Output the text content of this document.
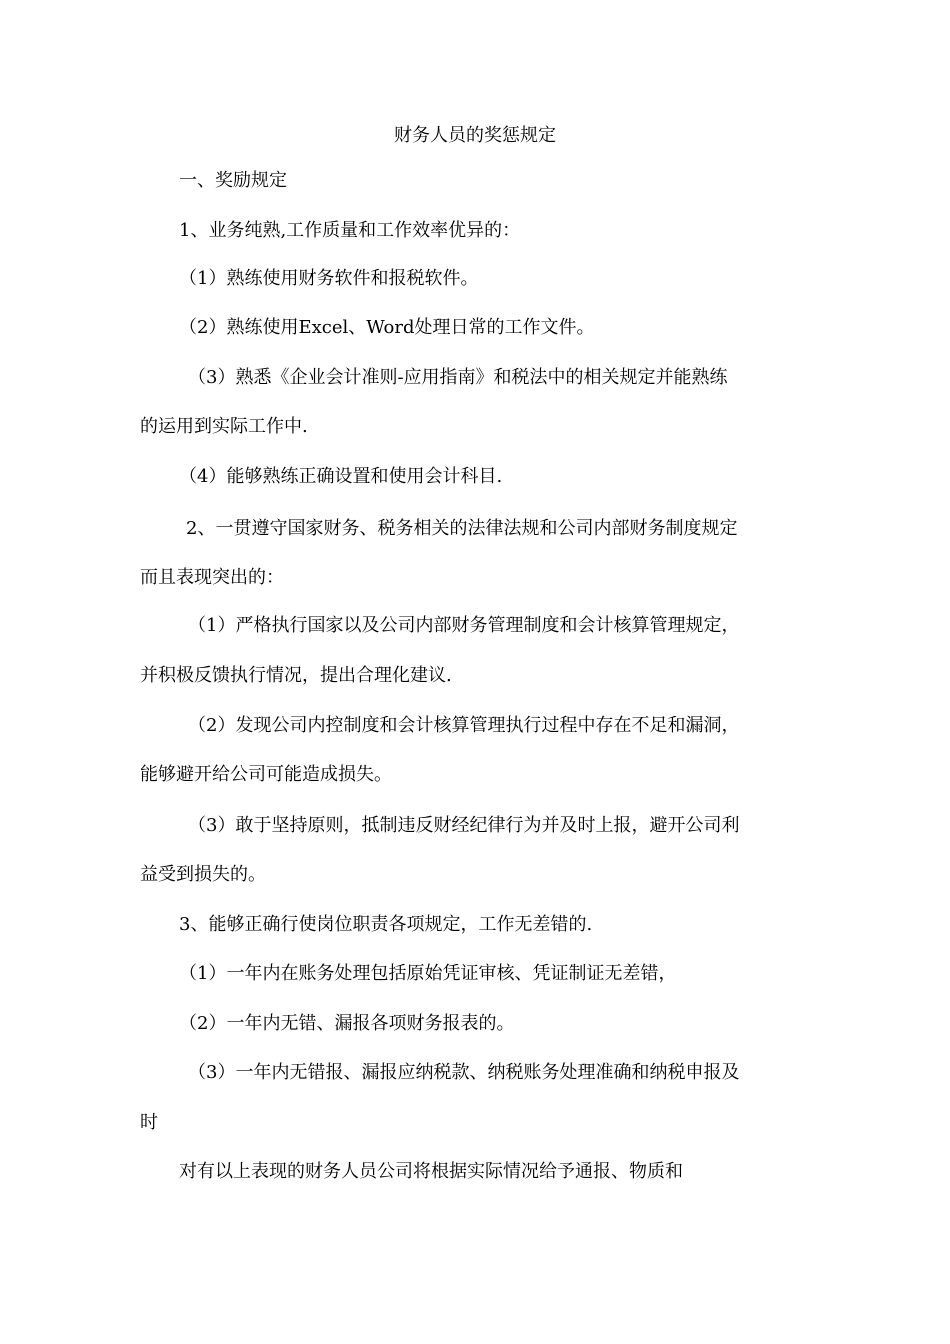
财务人员的奖惩规定
一、奖励规定
1、业务纯熟,工作质量和工作效率优异的：
（1）熟练使用财务软件和报税软件。
（2）熟练使用Excel、Word处理日常的工作文件。
（3）熟悉《企业会计准则-应用指南》和税法中的相关规定并能熟练
的运用到实际工作中.
（4）能够熟练正确设置和使用会计科目.
2、一贯遵守国家财务、税务相关的法律法规和公司内部财务制度规定
而且表现突出的：
（1）严格执行国家以及公司内部财务管理制度和会计核算管理规定，
并积极反馈执行情况，提出合理化建议.
（2）发现公司内控制度和会计核算管理执行过程中存在不足和漏洞，
能够避开给公司可能造成损失。
（3）敢于坚持原则，抵制违反财经纪律行为并及时上报，避开公司利
益受到损失的。
3、能够正确行使岗位职责各项规定，工作无差错的.
（1）一年内在账务处理包括原始凭证审核、凭证制证无差错，
（2）一年内无错、漏报各项财务报表的。
（3）一年内无错报、漏报应纳税款、纳税账务处理准确和纳税申报及
时
对有以上表现的财务人员公司将根据实际情况给予通报、物质和
